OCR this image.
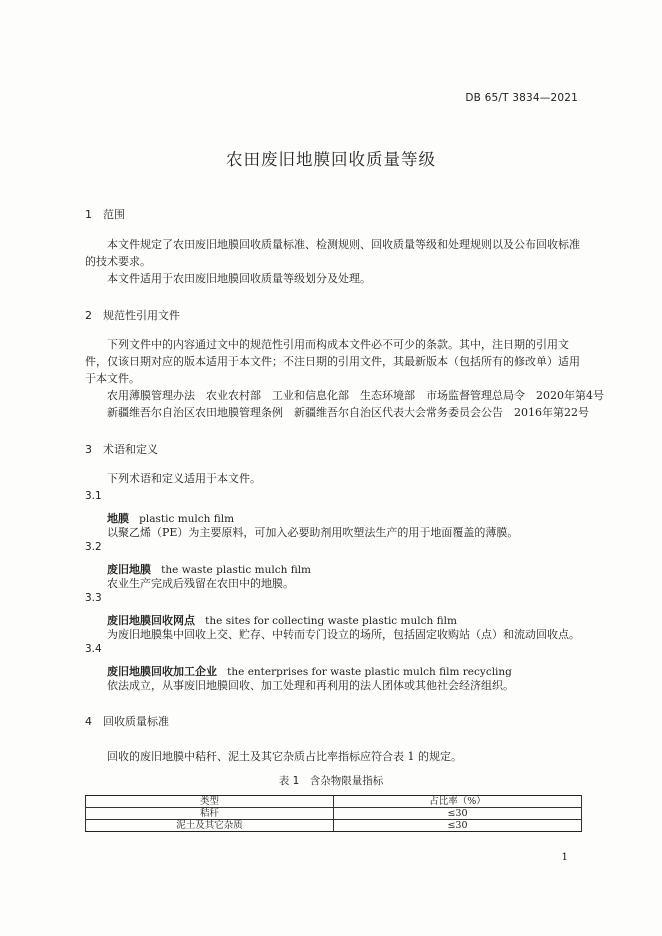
DB 65/T 3834—2021
农田废旧地膜回收质量等级
1 范围
本文件规定了农田废旧地膜回收质量标准、检测规则、回收质量等级和处理规则以及公布回收标准的技术要求。
本文件适用于农田废旧地膜回收质量等级划分及处理。
2 规范性引用文件
下列文件中的内容通过文中的规范性引用而构成本文件必不可少的条款。其中，注日期的引用文件，仅该日期对应的版本适用于本文件；不注日期的引用文件，其最新版本（包括所有的修改单）适用于本文件。
农用薄膜管理办法　农业农村部　工业和信息化部　生态环境部　市场监督管理总局令　2020年第4号
新疆维吾尔自治区农田地膜管理条例　新疆维吾尔自治区代表大会常务委员会公告　2016年第22号
3 术语和定义
下列术语和定义适用于本文件。
3.1
地膜 plastic mulch film
以聚乙烯（PE）为主要原料，可加入必要助剂用吹塑法生产的用于地面覆盖的薄膜。
3.2
废旧地膜 the waste plastic mulch film
农业生产完成后残留在农田中的地膜。
3.3
废旧地膜回收网点 the sites for collecting waste plastic mulch film
为废旧地膜集中回收上交、贮存、中转而专门设立的场所，包括固定收购站（点）和流动回收点。
3.4
废旧地膜回收加工企业 the enterprises for waste plastic mulch film recycling
依法成立，从事废旧地膜回收、加工处理和再利用的法人团体或其他社会经济组织。
4 回收质量标准
回收的废旧地膜中秸秆、泥土及其它杂质占比率指标应符合表 1 的规定。
表 1　含杂物限量指标
类型	占比率（%）
秸秆	≤30
泥土及其它杂质	≤30
1
